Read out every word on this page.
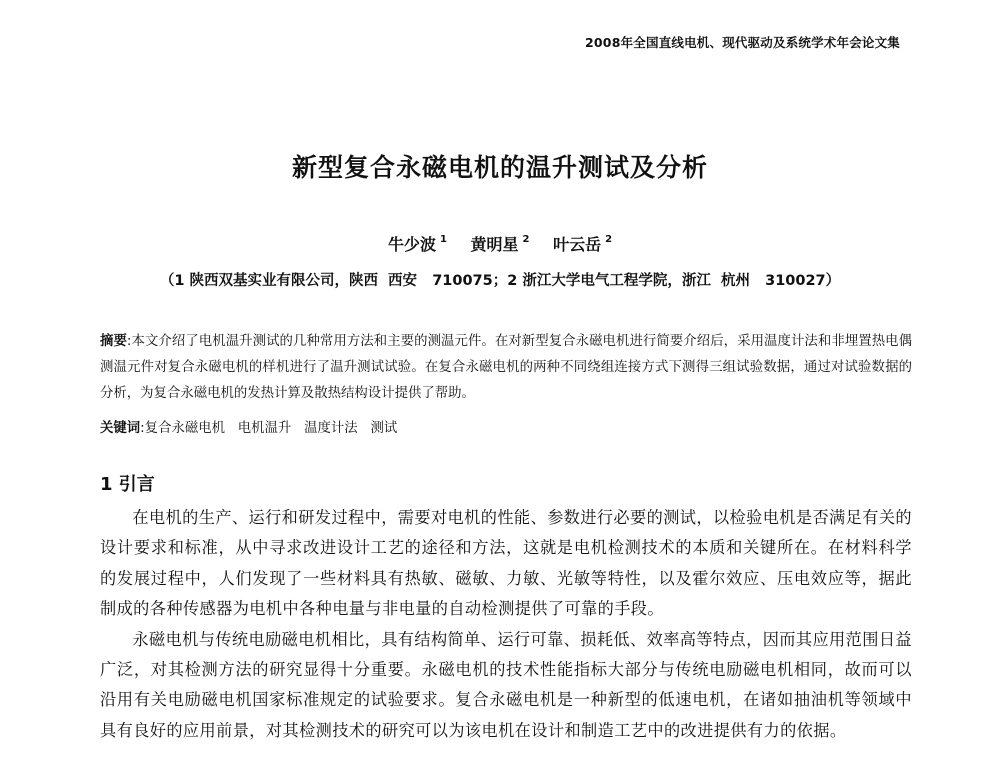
2008年全国直线电机、现代驱动及系统学术年会论文集
新型复合永磁电机的温升测试及分析
牛少波 $^1$ 黄明星 $^2$ 叶云岳 $^2$
（1 陕西双基实业有限公司，陕西  西安   710075；2 浙江大学电气工程学院，浙江  杭州   310027）
摘要:本文介绍了电机温升测试的几种常用方法和主要的测温元件。在对新型复合永磁电机进行简要介绍后，采用温度计法和非埋置热电偶测温元件对复合永磁电机的样机进行了温升测试试验。在复合永磁电机的两种不同绕组连接方式下测得三组试验数据，通过对试验数据的分析，为复合永磁电机的发热计算及散热结构设计提供了帮助。
关键词:复合永磁电机   电机温升   温度计法   测试
1 引言

在电机的生产、运行和研发过程中，需要对电机的性能、参数进行必要的测试，以检验电机是否满足有关的设计要求和标准，从中寻求改进设计工艺的途径和方法，这就是电机检测技术的本质和关键所在。在材料科学的发展过程中，人们发现了一些材料具有热敏、磁敏、力敏、光敏等特性，以及霍尔效应、压电效应等，据此制成的各种传感器为电机中各种电量与非电量的自动检测提供了可靠的手段。

永磁电机与传统电励磁电机相比，具有结构简单、运行可靠、损耗低、效率高等特点，因而其应用范围日益广泛，对其检测方法的研究显得十分重要。永磁电机的技术性能指标大部分与传统电励磁电机相同，故而可以沿用有关电励磁电机国家标准规定的试验要求。复合永磁电机是一种新型的低速电机，在诸如抽油机等领域中具有良好的应用前景，对其检测技术的研究可以为该电机在设计和制造工艺中的改进提供有力的依据。
